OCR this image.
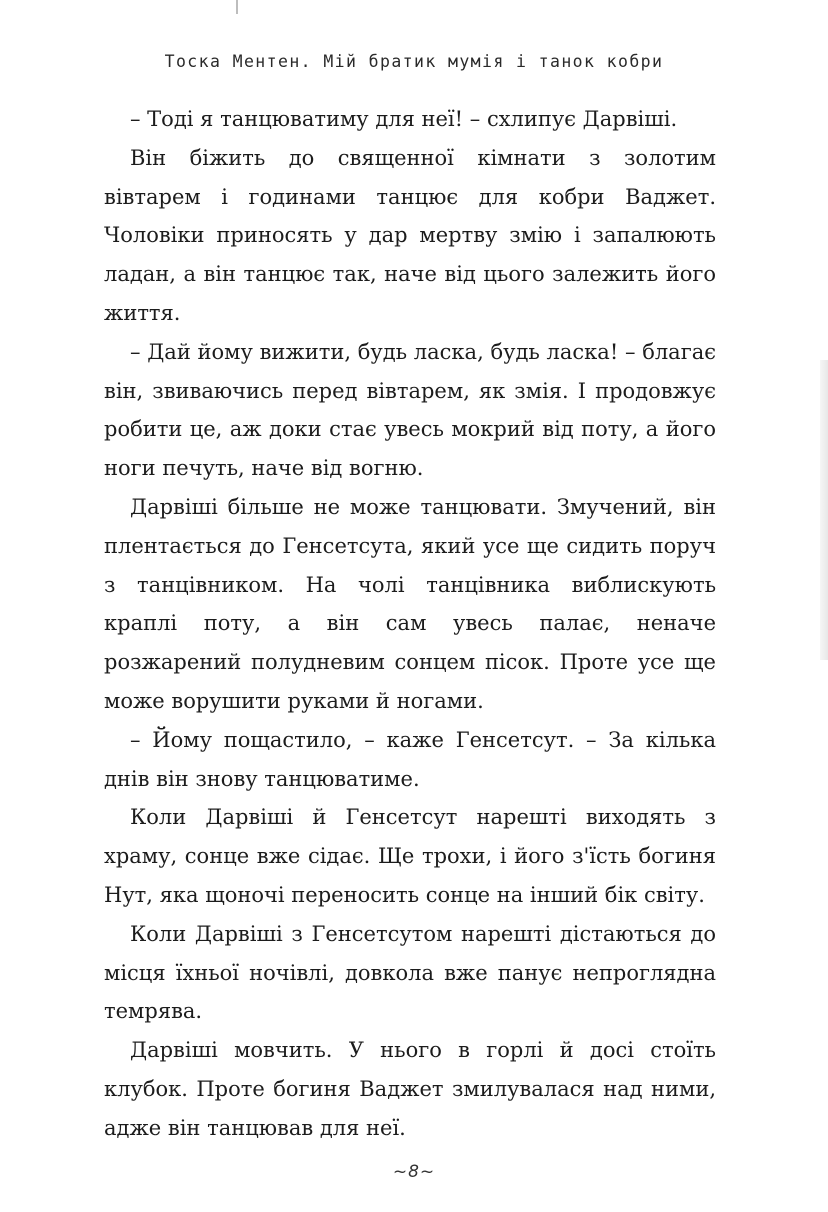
Тоска Ментен. Мій братик мумія і танок кобри

– Тоді я танцюватиму для неї! – схлипує Дарвіші.

Він біжить до священної кімнати з золотим вівтарем і годинами танцює для кобри Ваджет. Чоловіки приносять у дар мертву змію і запалюють ладан, а він танцює так, наче від цього залежить його життя.

– Дай йому вижити, будь ласка, будь ласка! – благає він, звиваючись перед вівтарем, як змія. І продовжує робити це, аж доки стає увесь мокрий від поту, а його ноги печуть, наче від вогню.

Дарвіші більше не може танцювати. Змучений, він плентається до Генсетсута, який усе ще сидить поруч з танцівником. На чолі танцівника виблискують краплі поту, а він сам увесь палає, неначе розжарений полудневим сонцем пісок. Проте усе ще може ворушити руками й ногами.

– Йому пощастило, – каже Генсетсут. – За кілька днів він знову танцюватиме.

Коли Дарвіші й Генсетсут нарешті виходять з храму, сонце вже сідає. Ще трохи, і його з'їсть богиня Нут, яка щоночі переносить сонце на інший бік світу.

Коли Дарвіші з Генсетсутом нарешті дістаються до місця їхньої ночівлі, довкола вже панує непроглядна темрява.

Дарвіші мовчить. У нього в горлі й досі стоїть клубок. Проте богиня Ваджет змилувалася над ними, адже він танцював для неї.

~8~
